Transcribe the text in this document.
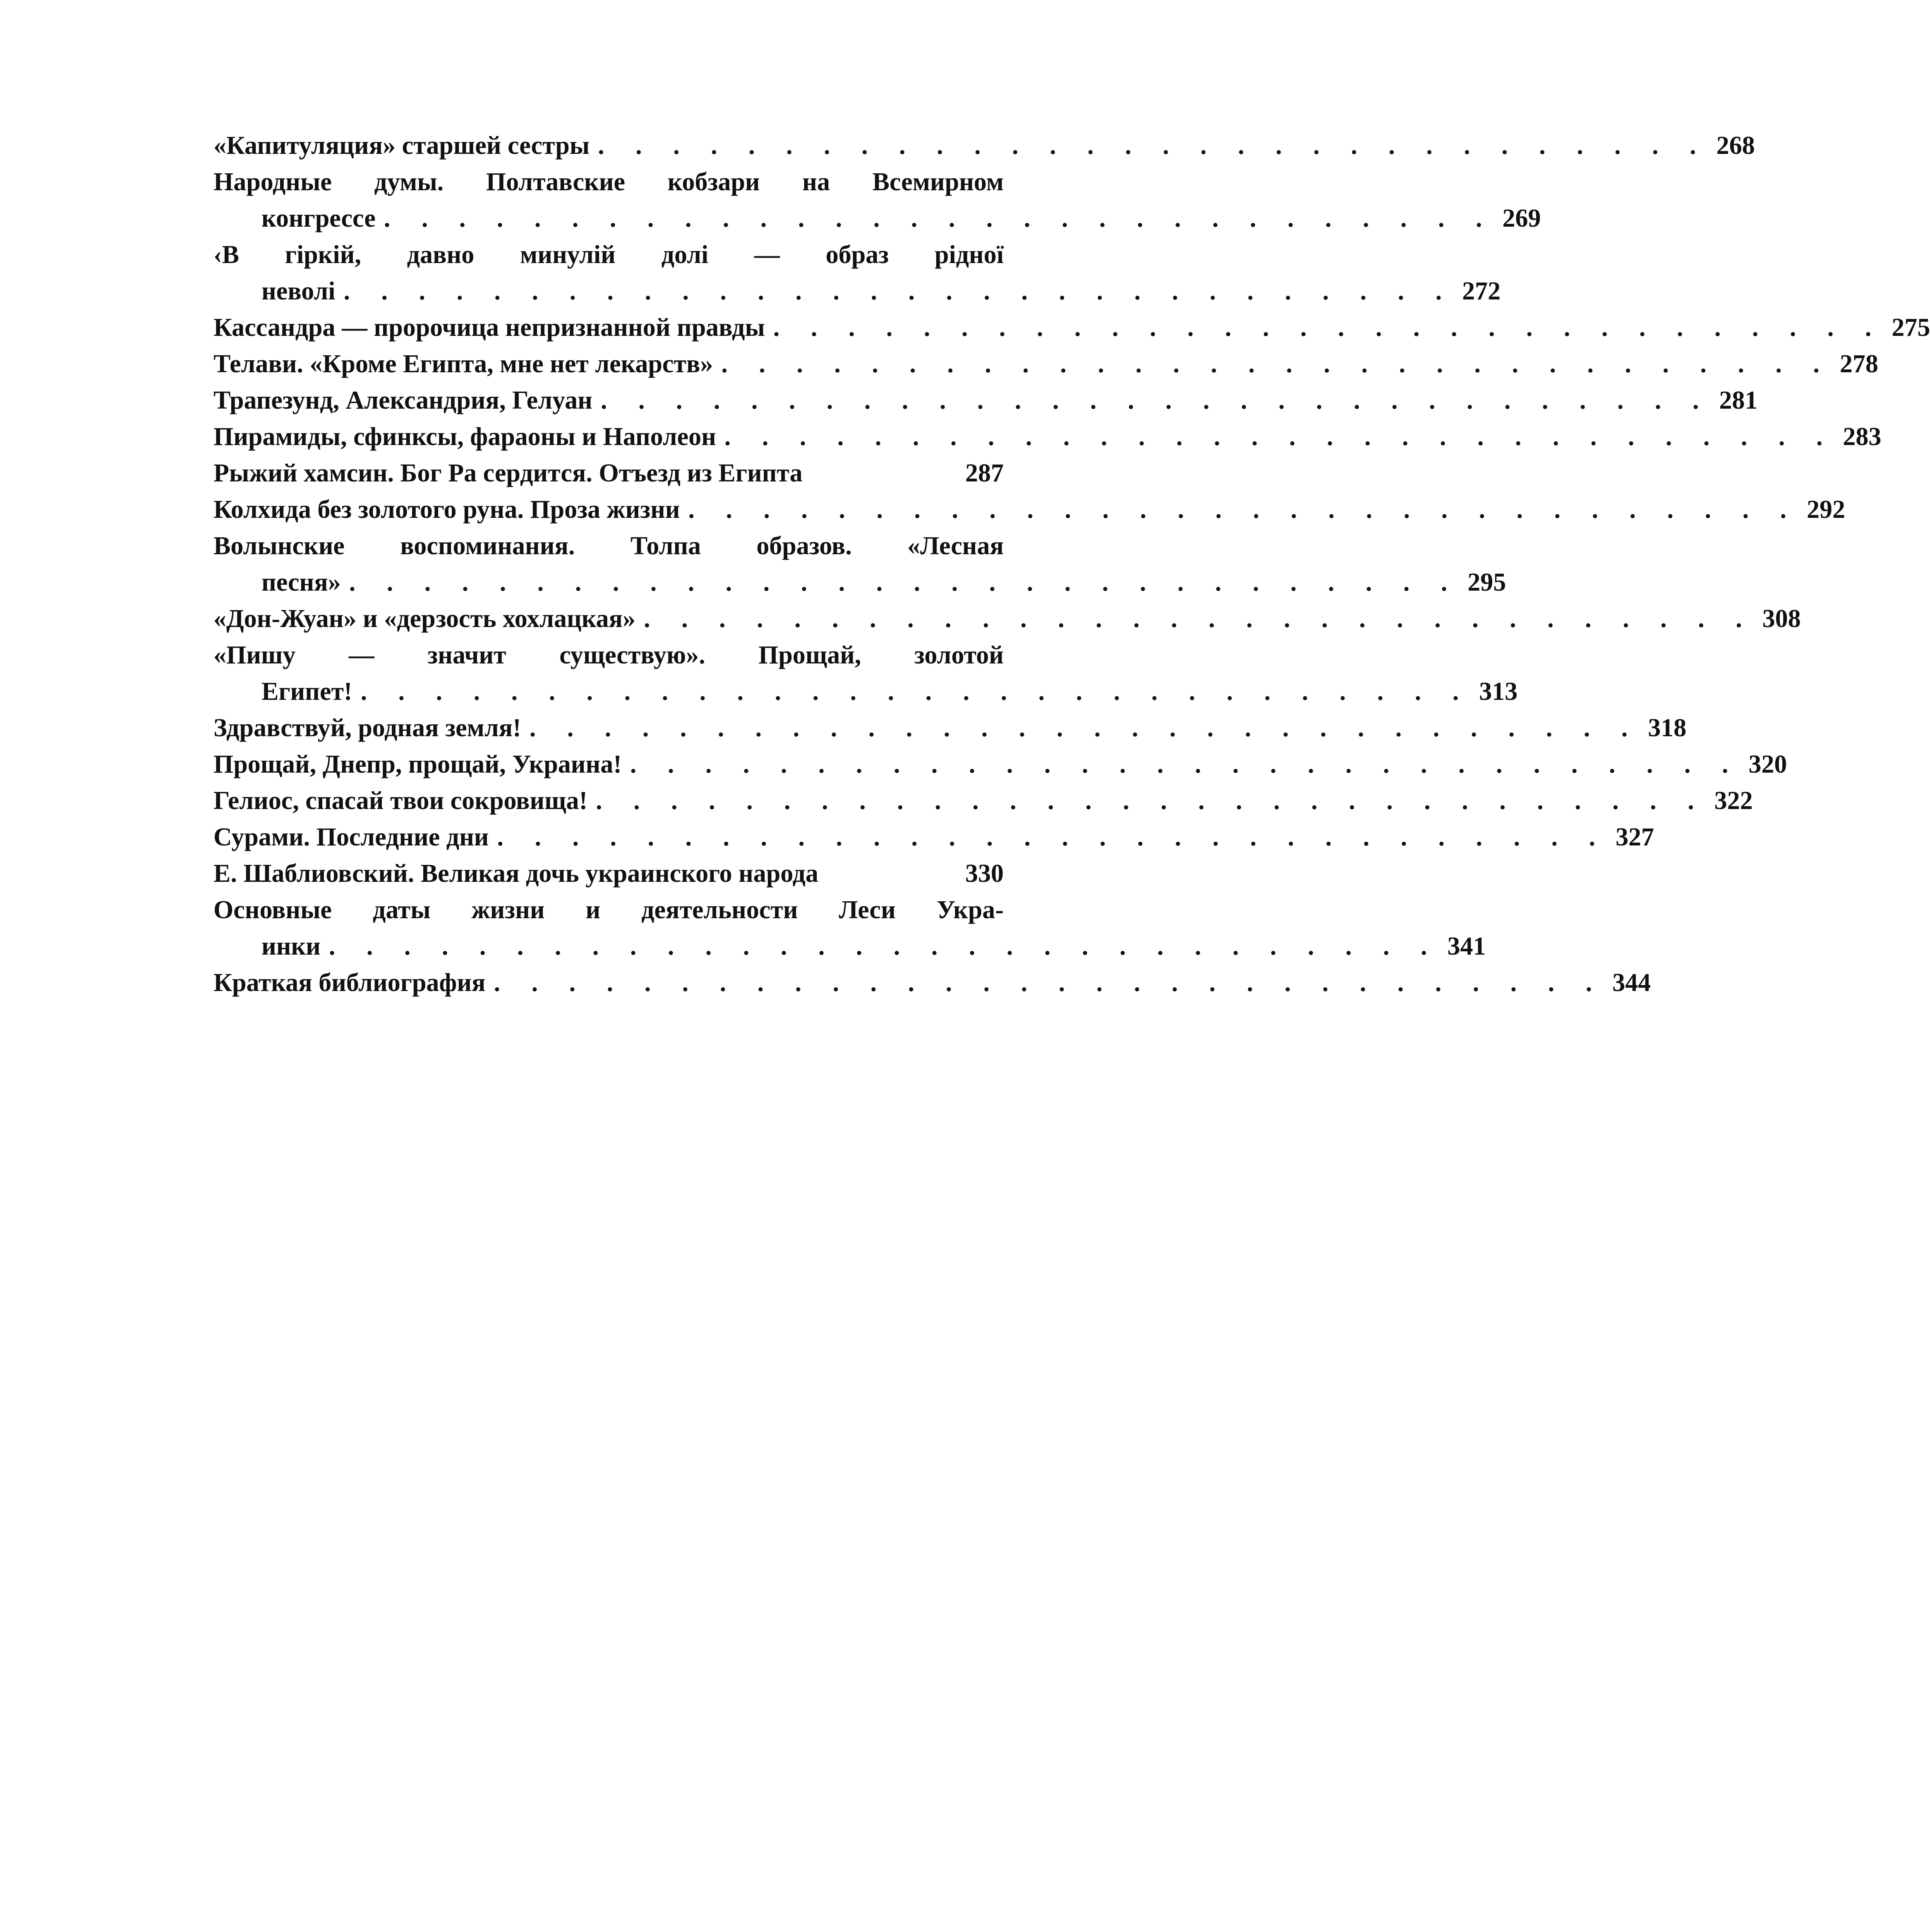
«Капитуляция» старшей сестры . . . . . . . . . . . . . . . . . . . . . . . . . . . . . . 268
Народные думы. Полтавские кобзари на Всемирном
конгрессе . . . . . . . . . . . . . . . . . . . . . . . . . . . . . . 269
‹В гіркій, давно минулій долі — образ рідної
неволі . . . . . . . . . . . . . . . . . . . . . . . . . . . . . . 272
Кассандра — пророчица непризнанной правды . . . . . . . . . . . . . . . . . . . . . . . . . . . . . . 275
Телави. «Кроме Египта, мне нет лекарств» . . . . . . . . . . . . . . . . . . . . . . . . . . . . . . 278
Трапезунд, Александрия, Гелуан . . . . . . . . . . . . . . . . . . . . . . . . . . . . . . 281
Пирамиды, сфинксы, фараоны и Наполеон . . . . . . . . . . . . . . . . . . . . . . . . . . . . . . 283
Рыжий хамсин. Бог Ра сердится. Отъезд из Египта	287
Колхида без золотого руна. Проза жизни . . . . . . . . . . . . . . . . . . . . . . . . . . . . . . 292
Волынские воспоминания. Толпа образов. «Лесная
песня» . . . . . . . . . . . . . . . . . . . . . . . . . . . . . . 295
«Дон-Жуан» и «дерзость хохлацкая» . . . . . . . . . . . . . . . . . . . . . . . . . . . . . . 308
«Пишу — значит существую». Прощай, золотой
Египет! . . . . . . . . . . . . . . . . . . . . . . . . . . . . . . 313
Здравствуй, родная земля! . . . . . . . . . . . . . . . . . . . . . . . . . . . . . . 318
Прощай, Днепр, прощай, Украина! . . . . . . . . . . . . . . . . . . . . . . . . . . . . . . 320
Гелиос, спасай твои сокровища! . . . . . . . . . . . . . . . . . . . . . . . . . . . . . . 322
Сурами. Последние дни . . . . . . . . . . . . . . . . . . . . . . . . . . . . . . 327
Е. Шаблиовский. Великая дочь украинского народа	330
Основные даты жизни и деятельности Леси Укра-
инки . . . . . . . . . . . . . . . . . . . . . . . . . . . . . . 341
Краткая библиография . . . . . . . . . . . . . . . . . . . . . . . . . . . . . . 344
